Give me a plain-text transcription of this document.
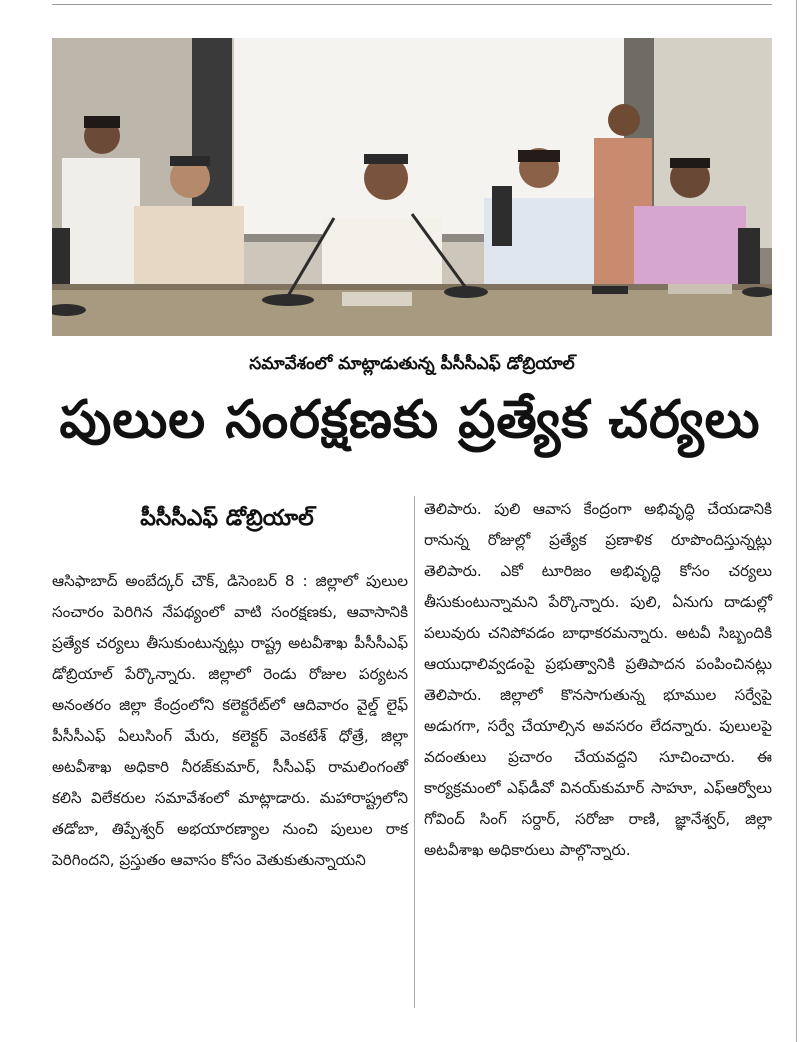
సమావేశంలో మాట్లాడుతున్న పీసీసీఎఫ్ డోబ్రియాల్
పులుల సంరక్షణకు ప్రత్యేక చర్యలు
పీసీసీఎఫ్ డోబ్రియాల్
ఆసిఫాబాద్ అంబేద్కర్ చౌక్, డిసెంబర్ 8 : జిల్లాలో పులుల సంచారం పెరిగిన నేపథ్యంలో వాటి సంరక్షణకు, ఆవాసానికి ప్రత్యేక చర్యలు తీసుకుంటున్నట్లు రాష్ట్ర అటవీశాఖ పీసీసీఎఫ్ డోబ్రియాల్ పేర్కొన్నారు. జిల్లాలో రెండు రోజుల పర్యటన అనంతరం జిల్లా కేంద్రంలోని కలెక్టరేట్‌లో ఆదివారం వైల్డ్ లైఫ్ పీసీసీఎఫ్ ఏలుసింగ్ మేరు, కలెక్టర్ వెంకటేశ్ ధోత్రే, జిల్లా అటవీశాఖ అధికారి నీరజ్‌కుమార్, సీసీఎఫ్ రామలింగంతో కలిసి విలేకరుల సమావేశంలో మాట్లాడారు. మహారాష్ట్రలోని తడోబా, తిప్పేశ్వర్ అభయారణ్యాల నుంచి పులుల రాక పెరిగిందని, ప్రస్తుతం ఆవాసం కోసం వెతుకుతున్నాయని
తెలిపారు. పులి ఆవాస కేంద్రంగా అభివృద్ధి చేయడానికి రానున్న రోజుల్లో ప్రత్యేక ప్రణాళిక రూపొందిస్తున్నట్లు తెలిపారు. ఎకో టూరిజం అభివృద్ధి కోసం చర్యలు తీసుకుంటున్నామని పేర్కొన్నారు. పులి, ఏనుగు దాడుల్లో పలువురు చనిపోవడం బాధాకరమన్నారు. అటవీ సిబ్బందికి ఆయుధాలివ్వడంపై ప్రభుత్వానికి ప్రతిపాదన పంపించినట్లు తెలిపారు. జిల్లాలో కొనసాగుతున్న భూముల సర్వేపై అడుగగా, సర్వే చేయాల్సిన అవసరం లేదన్నారు. పులులపై వదంతులు ప్రచారం చేయవద్దని సూచించారు. ఈ కార్యక్రమంలో ఎఫ్‌డీవో వినయ్‌కుమార్ సాహూ, ఎఫ్‌ఆర్వోలు గోవింద్ సింగ్ సర్దార్, సరోజా రాణి, జ్ఞానేశ్వర్, జిల్లా అటవీశాఖ అధికారులు పాల్గొన్నారు.
